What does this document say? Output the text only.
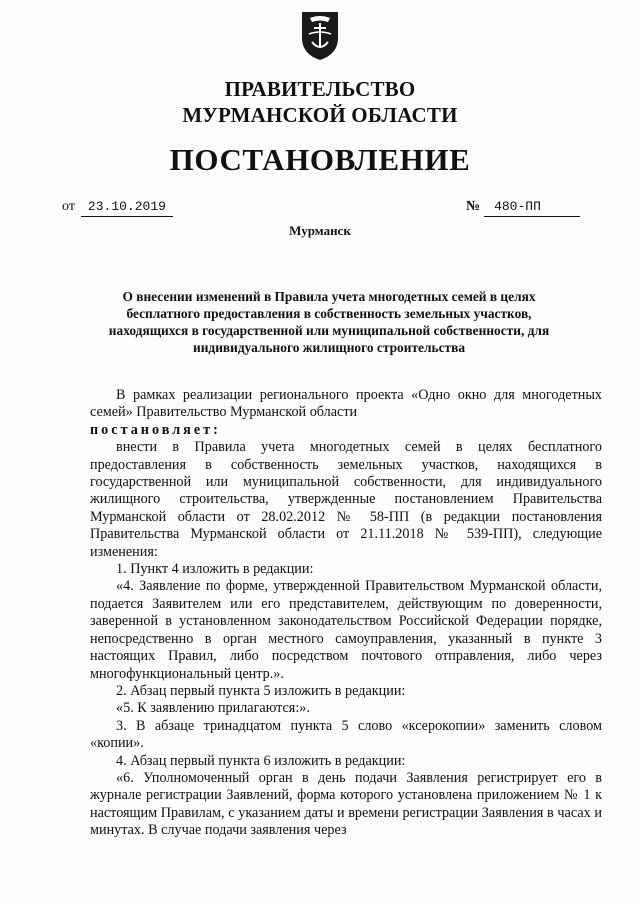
ПРАВИТЕЛЬСТВО
МУРМАНСКОЙ ОБЛАСТИ
ПОСТАНОВЛЕНИЕ
от 23.10.2019	№ 480-ПП
Мурманск
О внесении изменений в Правила учета многодетных семей в целях бесплатного предоставления в собственность земельных участков, находящихся в государственной или муниципальной собственности, для индивидуального жилищного строительства

В рамках реализации регионального проекта «Одно окно для многодетных семей» Правительство Мурманской области

постановляет:

внести в Правила учета многодетных семей в целях бесплатного предоставления в собственность земельных участков, находящихся в государственной или муниципальной собственности, для индивидуального жилищного строительства, утвержденные постановлением Правительства Мурманской области от 28.02.2012 № 58-ПП (в редакции постановления Правительства Мурманской области от 21.11.2018 № 539-ПП), следующие изменения:

1. Пункт 4 изложить в редакции:

«4. Заявление по форме, утвержденной Правительством Мурманской области, подается Заявителем или его представителем, действующим по доверенности, заверенной в установленном законодательством Российской Федерации порядке, непосредственно в орган местного самоуправления, указанный в пункте 3 настоящих Правил, либо посредством почтового отправления, либо через многофункциональный центр.».

2. Абзац первый пункта 5 изложить в редакции:

«5. К заявлению прилагаются:».

3. В абзаце тринадцатом пункта 5 слово «ксерокопии» заменить словом «копии».

4. Абзац первый пункта 6 изложить в редакции:

«6. Уполномоченный орган в день подачи Заявления регистрирует его в журнале регистрации Заявлений, форма которого установлена приложением № 1 к настоящим Правилам, с указанием даты и времени регистрации Заявления в часах и минутах. В случае подачи заявления через
